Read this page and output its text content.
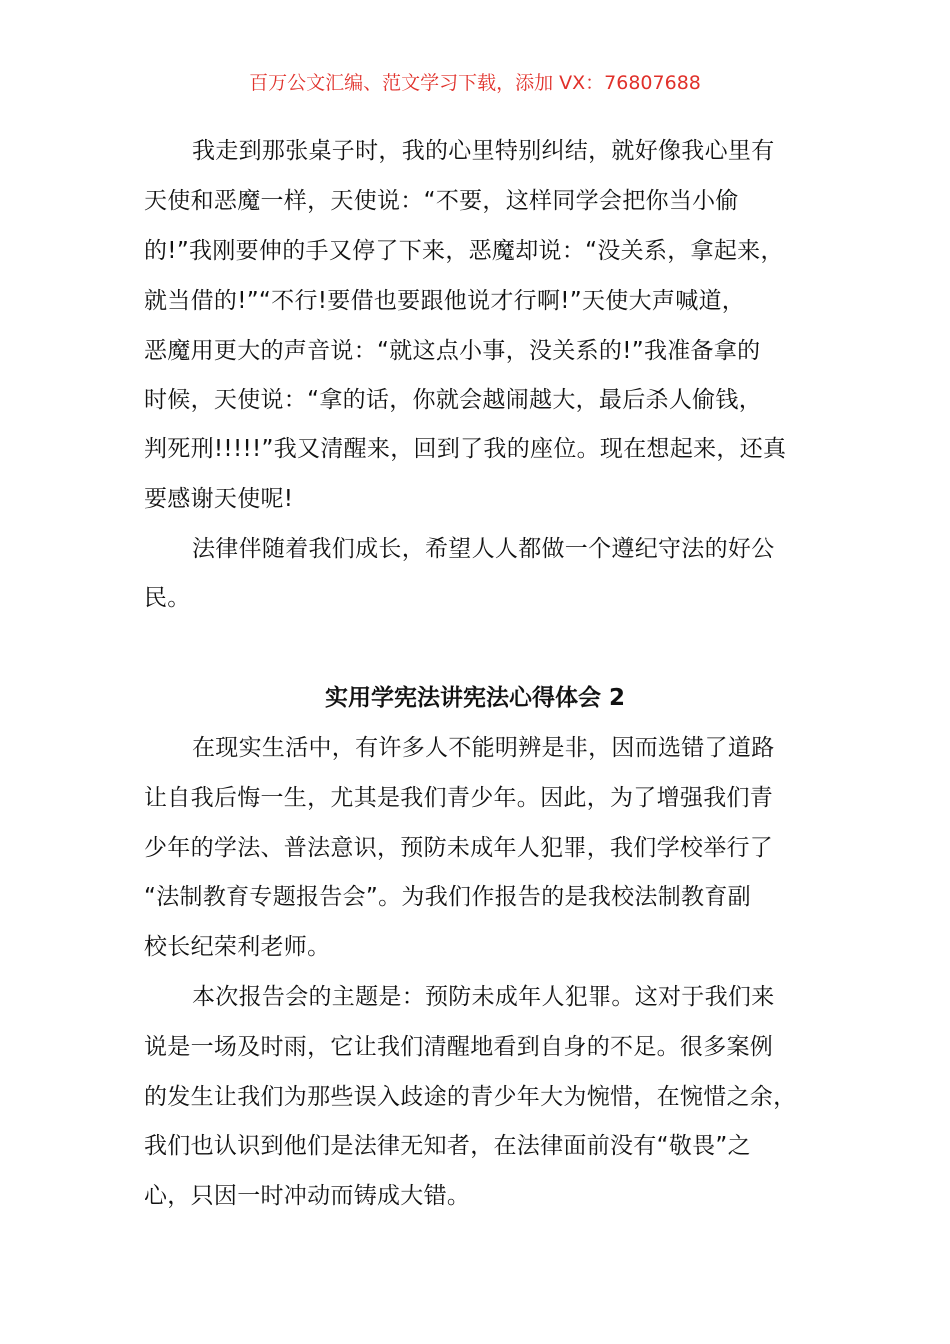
百万公文汇编、范文学习下载，添加 VX：76807688
我走到那张桌子时，我的心里特别纠结，就好像我心里有
天使和恶魔一样，天使说：“不要，这样同学会把你当小偷
的!”我刚要伸的手又停了下来，恶魔却说：“没关系，拿起来，
就当借的!”“不行!要借也要跟他说才行啊!”天使大声喊道，
恶魔用更大的声音说：“就这点小事，没关系的!”我准备拿的
时候，天使说：“拿的话，你就会越闹越大，最后杀人偷钱，
判死刑!!!!!”我又清醒来，回到了我的座位。现在想起来，还真
要感谢天使呢!
法律伴随着我们成长，希望人人都做一个遵纪守法的好公
民。
实用学宪法讲宪法心得体会 2
在现实生活中，有许多人不能明辨是非，因而选错了道路
让自我后悔一生，尤其是我们青少年。因此，为了增强我们青
少年的学法、普法意识，预防未成年人犯罪，我们学校举行了
“法制教育专题报告会”。为我们作报告的是我校法制教育副
校长纪荣利老师。
本次报告会的主题是：预防未成年人犯罪。这对于我们来
说是一场及时雨，它让我们清醒地看到自身的不足。很多案例
的发生让我们为那些误入歧途的青少年大为惋惜，在惋惜之余，
我们也认识到他们是法律无知者，在法律面前没有“敬畏”之
心，只因一时冲动而铸成大错。
